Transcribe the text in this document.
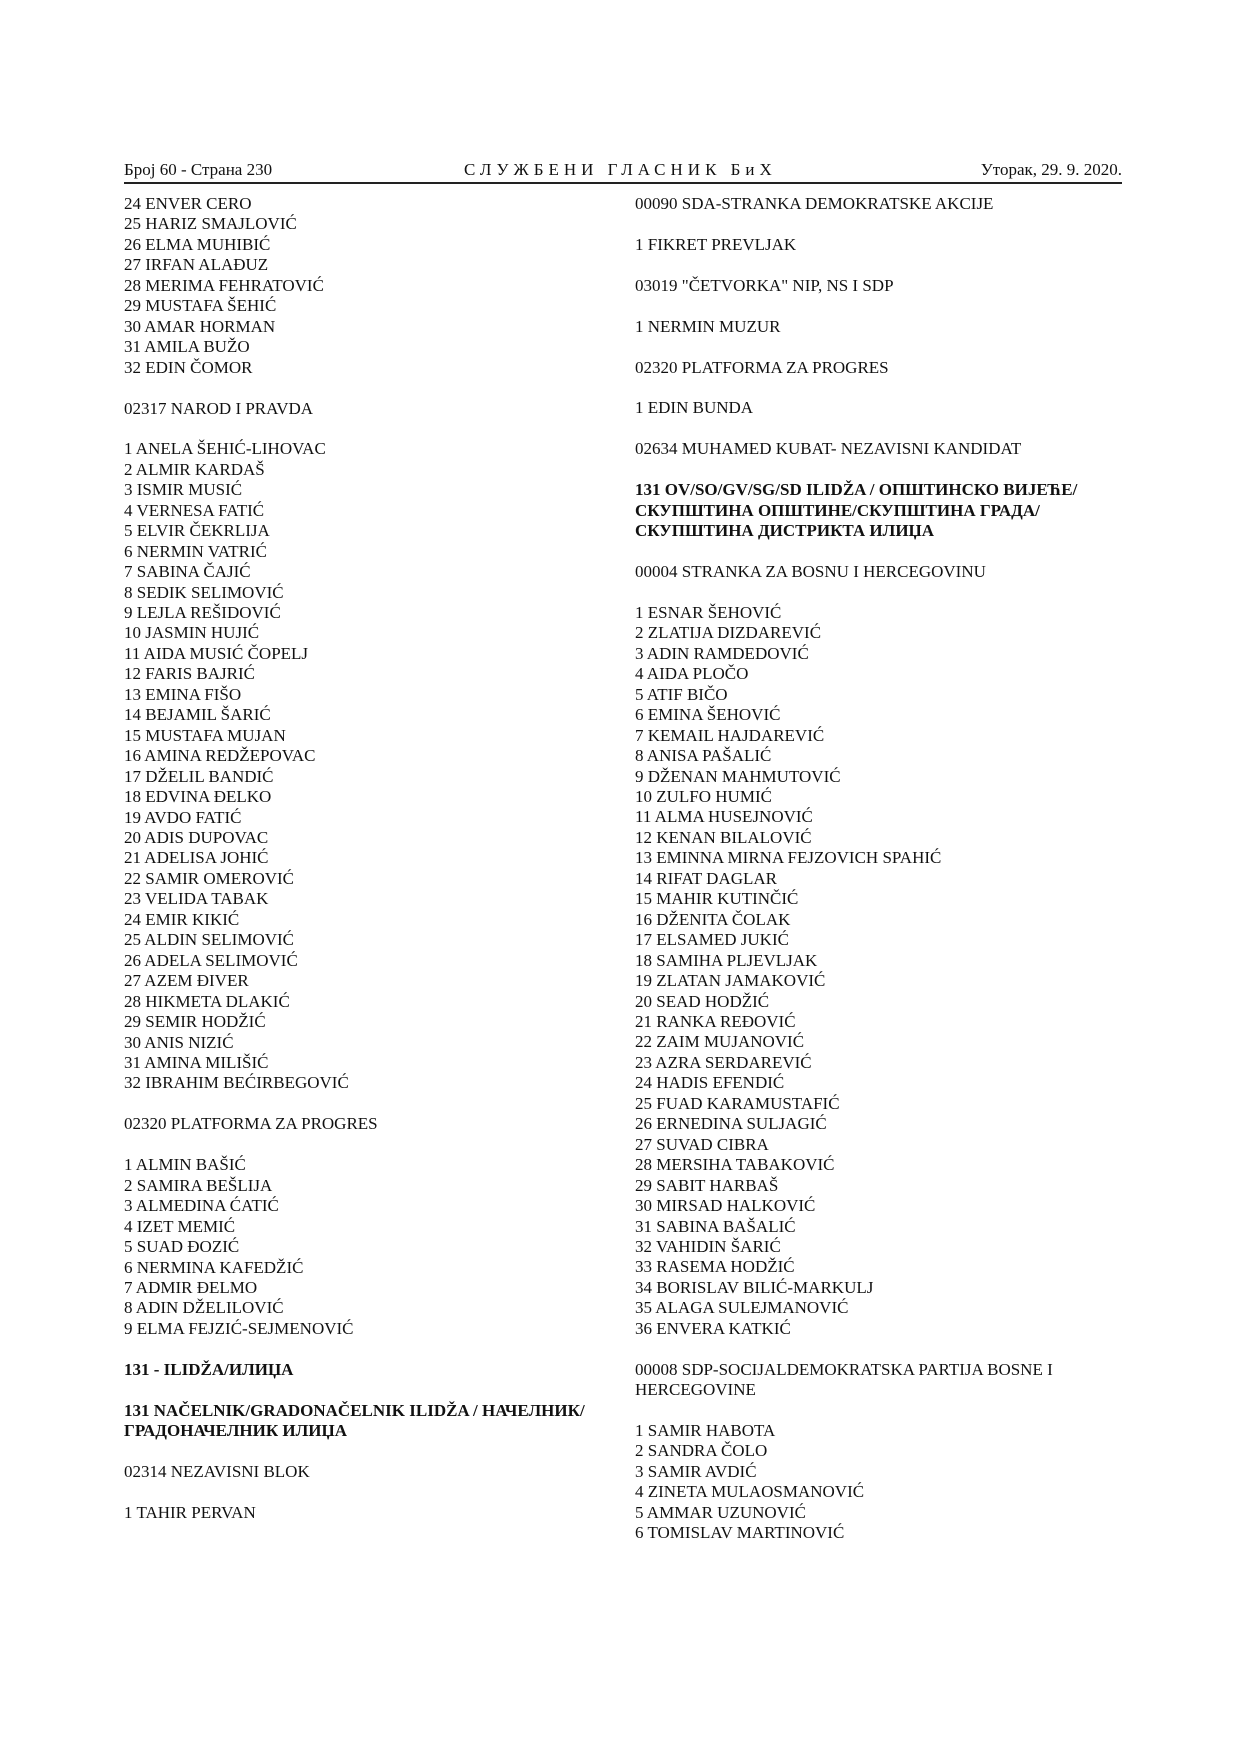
Број 60 - Страна 230	СЛУЖБЕНИ ГЛАСНИК БиХ	Уторак, 29. 9. 2020.
24 ENVER CERO
25 HARIZ SMAJLOVIĆ
26 ELMA MUHIBIĆ
27 IRFAN ALAĐUZ
28 MERIMA FEHRATOVIĆ
29 MUSTAFA ŠEHIĆ
30 AMAR HORMAN
31 AMILA BUŽO
32 EDIN ČOMOR
02317 NAROD I PRAVDA
1 ANELA ŠEHIĆ-LIHOVAC
2 ALMIR KARDAŠ
3 ISMIR MUSIĆ
4 VERNESA FATIĆ
5 ELVIR ČEKRLIJA
6 NERMIN VATRIĆ
7 SABINA ČAJIĆ
8 SEDIK SELIMOVIĆ
9 LEJLA REŠIDOVIĆ
10 JASMIN HUJIĆ
11 AIDA MUSIĆ ČOPELJ
12 FARIS BAJRIĆ
13 EMINA FIŠO
14 BEJAMIL ŠARIĆ
15 MUSTAFA MUJAN
16 AMINA REDŽEPOVAC
17 DŽELIL BANDIĆ
18 EDVINA ĐELKO
19 AVDO FATIĆ
20 ADIS DUPOVAC
21 ADELISA JOHIĆ
22 SAMIR OMEROVIĆ
23 VELIDA TABAK
24 EMIR KIKIĆ
25 ALDIN SELIMOVIĆ
26 ADELA SELIMOVIĆ
27 AZEM ĐIVER
28 HIKMETA DLAKIĆ
29 SEMIR HODŽIĆ
30 ANIS NIZIĆ
31 AMINA MILIŠIĆ
32 IBRAHIM BEĆIRBEGOVIĆ
02320 PLATFORMA ZA PROGRES
1 ALMIN BAŠIĆ
2 SAMIRA BEŠLIJA
3 ALMEDINA ĆATIĆ
4 IZET MEMIĆ
5 SUAD ĐOZIĆ
6 NERMINA KAFEDŽIĆ
7 ADMIR ĐELMO
8 ADIN DŽELILOVIĆ
9 ELMA FEJZIĆ-SEJMENOVIĆ
131 - ILIDŽA/ИЛИЏА
131 NAČELNIK/GRADONAČELNIK ILIDŽA / НАЧЕЛНИК/ГРАДОНАЧЕЛНИК ИЛИЏА
02314 NEZAVISNI BLOK
1 TAHIR PERVAN
00090 SDA-STRANKA DEMOKRATSKE AKCIJE
1 FIKRET PREVLJAK
03019 "ČETVORKA" NIP, NS I SDP
1 NERMIN MUZUR
02320 PLATFORMA ZA PROGRES
1 EDIN BUNDA
02634 MUHAMED KUBAT- NEZAVISNI KANDIDAT
131 OV/SO/GV/SG/SD ILIDŽA / ОПШТИНСКО ВИЈЕЋЕ/СКУПШТИНА ОПШТИНЕ/СКУПШТИНА ГРАДА/СКУПШТИНА ДИСТРИКТА ИЛИЏА
00004 STRANKA ZA BOSNU I HERCEGOVINU
1 ESNAR ŠEHOVIĆ
2 ZLATIJA DIZDAREVIĆ
3 ADIN RAMDEDOVIĆ
4 AIDA PLOČO
5 ATIF BIČO
6 EMINA ŠEHOVIĆ
7 KEMAIL HAJDAREVIĆ
8 ANISA PAŠALIĆ
9 DŽENAN MAHMUTOVIĆ
10 ZULFO HUMIĆ
11 ALMA HUSEJNOVIĆ
12 KENAN BILALOVIĆ
13 EMINNA MIRNA FEJZOVICH SPAHIĆ
14 RIFAT DAGLAR
15 MAHIR KUTINČIĆ
16 DŽENITA ČOLAK
17 ELSAMED JUKIĆ
18 SAMIHA PLJEVLJAK
19 ZLATAN JAMAKOVIĆ
20 SEAD HODŽIĆ
21 RANKA REĐOVIĆ
22 ZAIM MUJANOVIĆ
23 AZRA SERDAREVIĆ
24 HADIS EFENDIĆ
25 FUAD KARAMUSTAFIĆ
26 ERNEDINA SULJAGIĆ
27 SUVAD CIBRA
28 MERSIHA TABAKOVIĆ
29 SABIT HARBAŠ
30 MIRSAD HALKOVIĆ
31 SABINA BAŠALIĆ
32 VAHIDIN ŠARIĆ
33 RASEMA HODŽIĆ
34 BORISLAV BILIĆ-MARKULJ
35 ALAGA SULEJMANOVIĆ
36 ENVERA KATKIĆ
00008 SDP-SOCIJALDEMOKRATSKA PARTIJA BOSNE I HERCEGOVINE
1 SAMIR HABOTA
2 SANDRA ČOLO
3 SAMIR AVDIĆ
4 ZINETA MULAOSMANOVIĆ
5 AMMAR UZUNOVIĆ
6 TOMISLAV MARTINOVIĆ
